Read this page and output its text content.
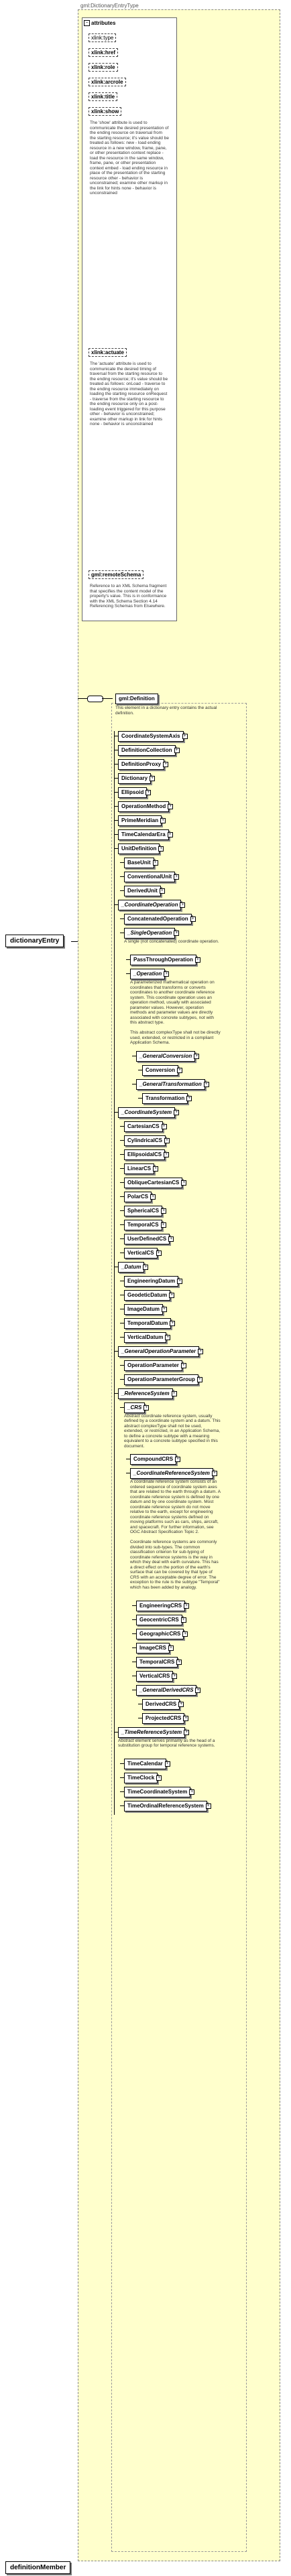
dictionaryEntry
gml:DictionaryEntryType
attributes
−
xlink:type
xlink:href
xlink:role
xlink:arcrole
xlink:title
xlink:show
The 'show' attribute is used to communicate the desired presentation of the ending resource on traversal from the starting resource; it's value should be treated as follows: new - load ending resource in a new window, frame, pane, or other presentation context replace - load the resource in the same window, frame, pane, or other presentation context embed - load ending resource in place of the presentation of the starting resource other - behavior is unconstrained; examine other markup in the link for hints none - behavior is unconstrained
xlink:actuate
The 'actuate' attribute is used to communicate the desired timing of traversal from the starting resource to the ending resource; it's value should be treated as follows: onLoad - traverse to the ending resource immediately on loading the starting resource onRequest - traverse from the starting resource to the ending resource only on a post-loading event triggered for this purpose other - behavior is unconstrained; examine other markup in link for hints none - behavior is unconstrained
gml:remoteSchema
Reference to an XML Schema fragment that specifies the content model of the property's value. This is in conformance with the XML Schema Section 4.14 Referencing Schemas from Elsewhere.
gml:Definition
This element in a dictionary entry contains the actual definition.
CoordinateSystemAxis +
DefinitionCollection +
DefinitionProxy +
Dictionary +
Ellipsoid +
OperationMethod +
PrimeMeridian +
TimeCalendarEra +
UnitDefinition +
BaseUnit +
ConventionalUnit +
DerivedUnit +
_CoordinateOperation +
ConcatenatedOperation +
_SingleOperation +
A single (not concatenated) coordinate operation.
PassThroughOperation +
_Operation +
A parameterized mathematical operation on coordinates that transforms or converts coordinates to another coordinate reference system. This coordinate operation uses an operation method, usually with associated parameter values. However, operation methods and parameter values are directly associated with concrete subtypes, not with this abstract type.

This abstract complexType shall not be directly used, extended, or restricted in a compliant Application Schema.
_GeneralConversion +
Conversion +
_GeneralTransformation +
Transformation +
_CoordinateSystem +
CartesianCS +
CylindricalCS +
EllipsoidalCS +
LinearCS +
ObliqueCartesianCS +
PolarCS +
SphericalCS +
TemporalCS +
UserDefinedCS +
VerticalCS +
_Datum +
EngineeringDatum +
GeodeticDatum +
ImageDatum +
TemporalDatum +
VerticalDatum +
_GeneralOperationParameter +
OperationParameter +
OperationParameterGroup +
_ReferenceSystem +
_CRS +
Abstract coordinate reference system, usually defined by a coordinate system and a datum. This abstract complexType shall not be used, extended, or restricted, in an Application Schema, to define a concrete subtype with a meaning equivalent to a concrete subtype specified in this document.
CompoundCRS +
_CoordinateReferenceSystem +
A coordinate reference system consists of an ordered sequence of coordinate system axes that are related to the earth through a datum. A coordinate reference system is defined by one datum and by one coordinate system. Most coordinate reference system do not move relative to the earth, except for engineering coordinate reference systems defined on moving platforms such as cars, ships, aircraft, and spacecraft. For further information, see OGC Abstract Specification Topic 2.

Coordinate reference systems are commonly divided into sub-types. The common classification criterion for sub-typing of coordinate reference systems is the way in which they deal with earth curvature. This has a direct effect on the portion of the earth's surface that can be covered by that type of CRS with an acceptable degree of error. The exception to the rule is the subtype "Temporal" which has been added by analogy.
EngineeringCRS +
GeocentricCRS +
GeographicCRS +
ImageCRS +
TemporalCRS +
VerticalCRS +
_GeneralDerivedCRS +
DerivedCRS +
ProjectedCRS +
_TimeReferenceSystem +
Abstract element serves primarily as the head of a substitution group for temporal reference systems.
TimeCalendar +
TimeClock +
TimeCoordinateSystem +
TimeOrdinalReferenceSystem +
definitionMember
